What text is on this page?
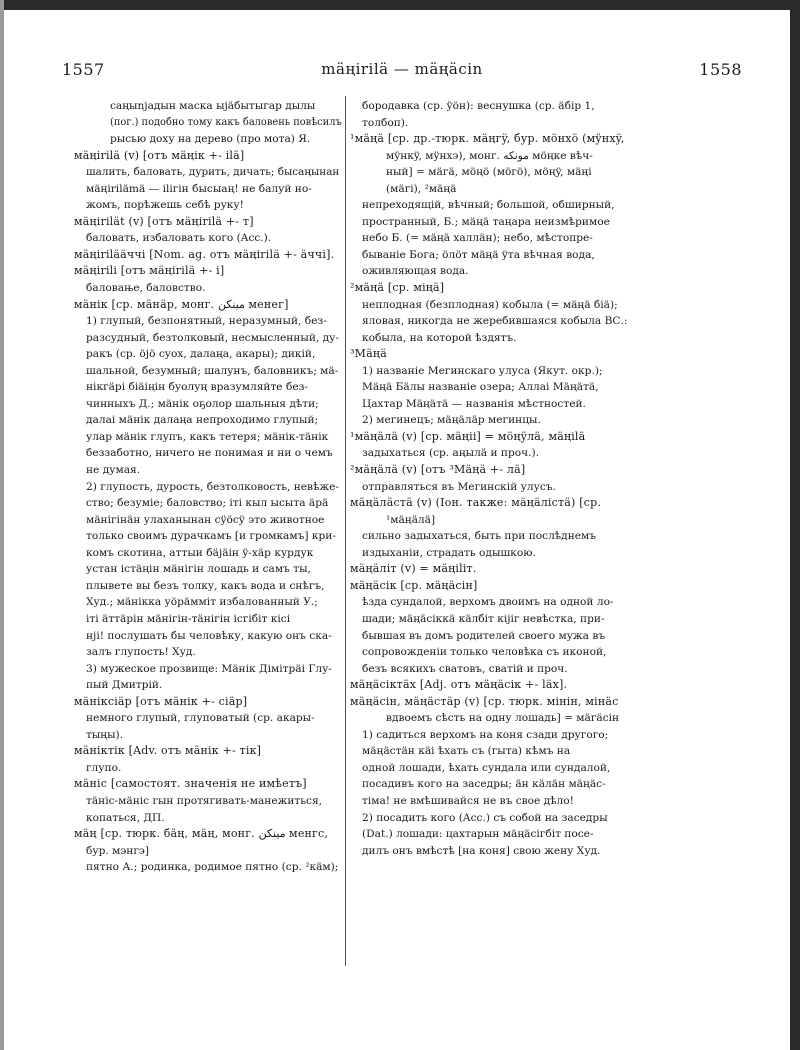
1557	mäңirilä — mäңäсіn	1558

саңыnjaдын маска ыjäбытыгар дылы

(пог.) подобно тому какъ баловень повѣсилъ

рысью доху на дерево (про мота) Я.

мäңirilä (v) [отъ мäңік +- ilä]

шалить, баловать, дурить, дичать; бысаңынан

мäңirilämä — ilігін бысыаң! не балуй но-

жомъ, порѣжешь себѣ руку!

мäңirilät (v) [отъ мäңirilä +- т]

баловать, избаловать кого (Acc.).

мäңirilääччі [Nom. ag. отъ мäңirilä +- äччі].

мäңirilі [отъ мäңirilä +- і]

баловање, баловство.

мäнік [ср. мäнäр, монг. ﻣﻴﻨﻜﻦ менег]

1) глупый, безпонятный, неразумный, без-

разсудный, безтолковый, несмысленный, ду-

ракъ (ср. öjö суох, далаңа, акары); дикій,

шальной, безумный; шалунъ, баловникъ; мä-

нікгäрі біäіңін буолуң вразумляйте без-

чинныхъ Д.; мäнік оҕолор шальныя дѣти;

далаі мäнік далаңа непроходимо глупый;

улар мäнік глупъ, какъ тетеря; мäнік-тäнік

беззаботно, ничего не понимая и ни о чемъ

не думая.

2) глупость, дурость, безтолковость, невѣже-

ство; безуміе; баловство; іті кыл ысыта äрä

мäнігінäн улаханынан сÿöсÿ это животное

только своимъ дурачкамъ [и громкамъ] кри-

комъ скотина, аттыи бäjäiн ÿ-хäр курдук

устан істäңін мäнігін лошадь и самъ ты,

плывете вы безъ толку, какъ вода и снѣгъ,

Худ.; мäнікка уöрäмміт избалованный У.;

ітi äттäрін мäнігін-тäнігін ісгібіт кісі

нji! послушать бы человѣку, какую онъ ска-

залъ глупость! Худ.

3) мужеское прозвище: Мäнік Дімітрäі Глу-

пый Дмитрій.

мäніксіäр [отъ мäнік +- сіäр]

немного глупый, глуповатый (ср. акары-

тыңы).

мäніктік [Adv. отъ мäнік +- тік]

глупо.

мäніс [самостоят. значенія не имѣетъ]

тäніс-мäніс гын протягивать-манежиться,

копаться, ДП.

мäң [ср. тюрк. бäң, мäң, монг. ﻣﻴﻨﻜﻦ менгс,

бур. мэнгэ]

пятно А.; родинка, родимое пятно (ср. ²кäм);

бородавка (ср. ÿöн): веснушка (ср. äбір 1,

толбоп).

¹мäңä [ср. др.-тюрк. мäңгÿ, бур. мöнхö (мÿнхÿ,

мÿнкÿ, мÿнхэ), монг. ﻣﻮﻧﻜﻪ мöңке вѣч-

ный] = мäгä, мöңö (мöгö), мöңÿ, мäңі

(мäгі), ²мäңä

непреходящій, вѣчный; большой, обширный,

пространный, Б.; мäңä таңара неизмѣримое

небо Б. (= мäңä халлäн); небо, мѣстопре-

бываніе Бога; öлöт мäңä ÿта вѣчная вода,

оживляющая вода.

²мäңä [ср. мiңä]

неплодная (безплодная) кобыла (= мäңä біä);

яловая, никогда не жеребившаяся кобыла ВС.:

кобыла, на которой ѣздятъ.

³Мäңä

1) названіе Мегинскаго улуса (Якут. окр.);

Мäңä Бäлы названіе озера; Аллаі Мäңäтä,

Цахтар Мäңäтä — названія мѣстностей.

2) мегинецъ; мäңäлäр мегинцы.

¹мäңäлä (v) [ср. мäңіі] = мöңÿлä, мäңilä

задыхаться (ср. аңылä и проч.).

²мäңäлä (v) [отъ ³Мäңä +- лä]

отправляться въ Мегинскій улусъ.

мäңäлäстä (v) (Іон. также: мäңäлістä) [ср.

¹мäңäлä]

сильно задыхаться, быть при послѣднемъ

издыханіи, страдать одышкою.

мäңäліт (v) = мäңilіт.

мäңäсік [ср. мäңäсін]

ѣзда сундалой, верхомъ двоимъ на одной ло-

шади; мäңäсіккä кäлбіт кіjіг невѣстка, при-

бывшая въ домъ родителей своего мужа въ

сопровожденіи только человѣка съ иконой,

безъ всякихъ сватовъ, сватій и проч.

мäңäсіктäх [Adj. отъ мäңäсік +- läх].

мäңäсін, мäңäстäр (v) [ср. тюрк. мінін, мінäс

вдвоемъ сѣсть на одну лошадь] = мäгäсін

1) садиться верхомъ на коня сзади другого;

мäңäстäн кäі ѣхать съ (гыта) кѣмъ на

одной лошади, ѣхать сундала или сундалой,

посадивъ кого на заседры; äн кäлäн мäңäс-

тіма! не вмѣшивайся не въ свое дѣло!

2) посадить кого (Acc.) съ собой на заседры

(Dat.) лошади: цахтарын мäңäсігбіт посе-

дилъ онъ вмѣстѣ [на коня] свою жену Худ.
